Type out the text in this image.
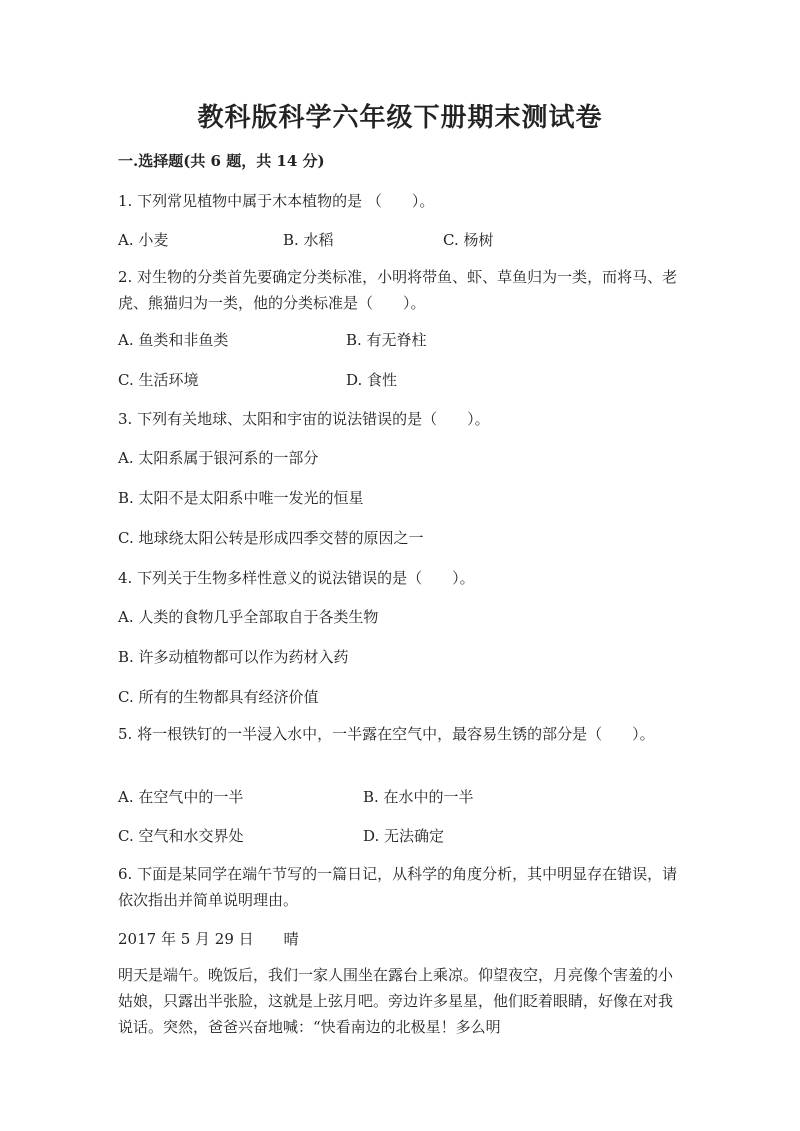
教科版科学六年级下册期末测试卷
一.选择题(共 6 题，共 14 分)
1. 下列常见植物中属于木本植物的是 （　　）。
A. 小麦	B. 水稻	C. 杨树
2. 对生物的分类首先要确定分类标准，小明将带鱼、虾、草鱼归为一类，而将马、老虎、熊猫归为一类，他的分类标准是（　　）。
A. 鱼类和非鱼类	B. 有无脊柱
C. 生活环境	D. 食性
3. 下列有关地球、太阳和宇宙的说法错误的是（　　）。
A. 太阳系属于银河系的一部分
B. 太阳不是太阳系中唯一发光的恒星
C. 地球绕太阳公转是形成四季交替的原因之一
4. 下列关于生物多样性意义的说法错误的是（　　）。
A. 人类的食物几乎全部取自于各类生物
B. 许多动植物都可以作为药材入药
C. 所有的生物都具有经济价值
5. 将一根铁钉的一半浸入水中，一半露在空气中，最容易生锈的部分是（　　）。
A. 在空气中的一半	B. 在水中的一半
C. 空气和水交界处	D. 无法确定
6. 下面是某同学在端午节写的一篇日记，从科学的角度分析，其中明显存在错误，请依次指出并简单说明理由。
2017 年 5 月 29 日　　晴
明天是端午。晚饭后，我们一家人围坐在露台上乘凉。仰望夜空，月亮像个害羞的小姑娘，只露出半张脸，这就是上弦月吧。旁边许多星星，他们眨着眼睛，好像在对我说话。突然，爸爸兴奋地喊：“快看南边的北极星！多么明
